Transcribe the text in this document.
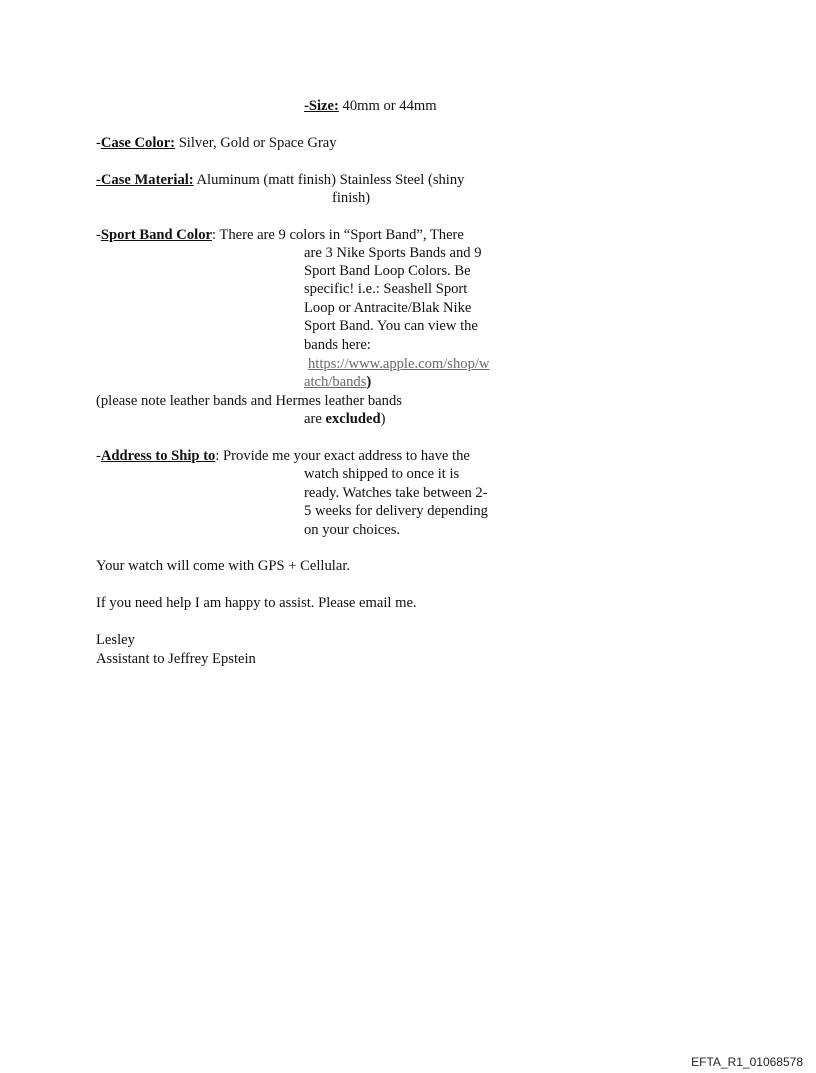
-Size: 40mm or 44mm
-Case Color: Silver, Gold or Space Gray
-Case Material: Aluminum (matt finish) Stainless Steel (shiny
finish)
-Sport Band Color: There are 9 colors in “Sport Band”, There
are 3 Nike Sports Bands and 9
Sport Band Loop Colors. Be
specific! i.e.: Seashell Sport
Loop or Antracite/Blak Nike
Sport Band. You can view the
bands here:
https://www.apple.com/shop/w
atch/bands)
(please note leather bands and Hermes leather bands
are excluded)
-Address to Ship to: Provide me your exact address to have the
watch shipped to once it is
ready. Watches take between 2-
5 weeks for delivery depending
on your choices.
Your watch will come with GPS + Cellular.
If you need help I am happy to assist. Please email me.
Lesley
Assistant to Jeffrey Epstein
EFTA_R1_01068578
